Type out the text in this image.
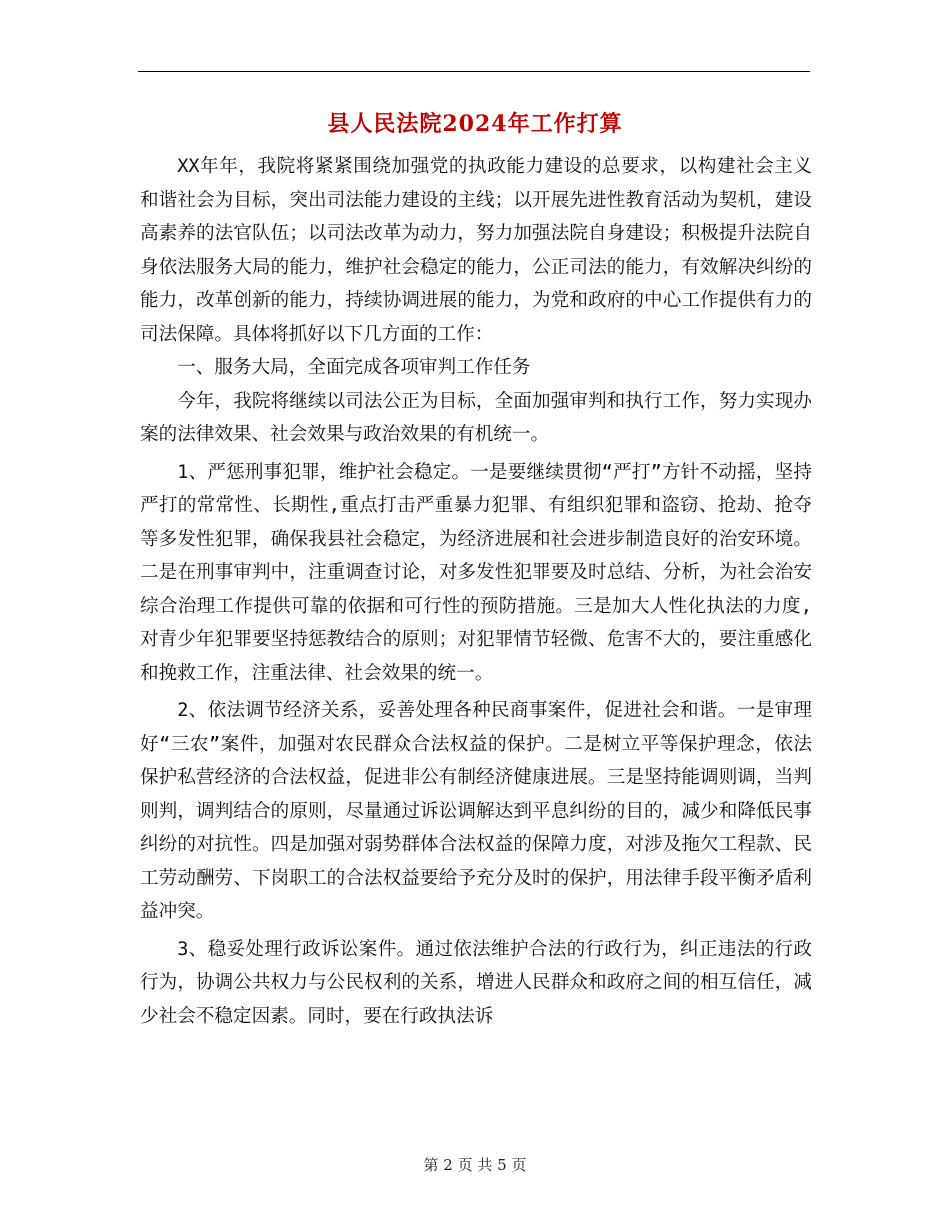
县人民法院2024年工作打算

XX年年，我院将紧紧围绕加强党的执政能力建设的总要求，以构建社会主义和谐社会为目标，突出司法能力建设的主线；以开展先进性教育活动为契机，建设高素养的法官队伍；以司法改革为动力，努力加强法院自身建设；积极提升法院自身依法服务大局的能力，维护社会稳定的能力，公正司法的能力，有效解决纠纷的能力，改革创新的能力，持续协调进展的能力，为党和政府的中心工作提供有力的司法保障。具体将抓好以下几方面的工作：

一、服务大局，全面完成各项审判工作任务

今年，我院将继续以司法公正为目标，全面加强审判和执行工作，努力实现办案的法律效果、社会效果与政治效果的有机统一。

1、严惩刑事犯罪，维护社会稳定。一是要继续贯彻“严打”方针不动摇，坚持严打的常常性、长期性,重点打击严重暴力犯罪、有组织犯罪和盗窃、抢劫、抢夺等多发性犯罪，确保我县社会稳定，为经济进展和社会进步制造良好的治安环境。二是在刑事审判中，注重调查讨论，对多发性犯罪要及时总结、分析，为社会治安综合治理工作提供可靠的依据和可行性的预防措施。三是加大人性化执法的力度,对青少年犯罪要坚持惩教结合的原则；对犯罪情节轻微、危害不大的，要注重感化和挽救工作，注重法律、社会效果的统一。

2、依法调节经济关系，妥善处理各种民商事案件，促进社会和谐。一是审理好“三农”案件，加强对农民群众合法权益的保护。二是树立平等保护理念，依法保护私营经济的合法权益，促进非公有制经济健康进展。三是坚持能调则调，当判则判，调判结合的原则，尽量通过诉讼调解达到平息纠纷的目的，减少和降低民事纠纷的对抗性。四是加强对弱势群体合法权益的保障力度，对涉及拖欠工程款、民工劳动酬劳、下岗职工的合法权益要给予充分及时的保护，用法律手段平衡矛盾利益冲突。

3、稳妥处理行政诉讼案件。通过依法维护合法的行政行为，纠正违法的行政行为，协调公共权力与公民权利的关系，增进人民群众和政府之间的相互信任，减少社会不稳定因素。同时，要在行政执法诉

第 2 页 共 5 页
